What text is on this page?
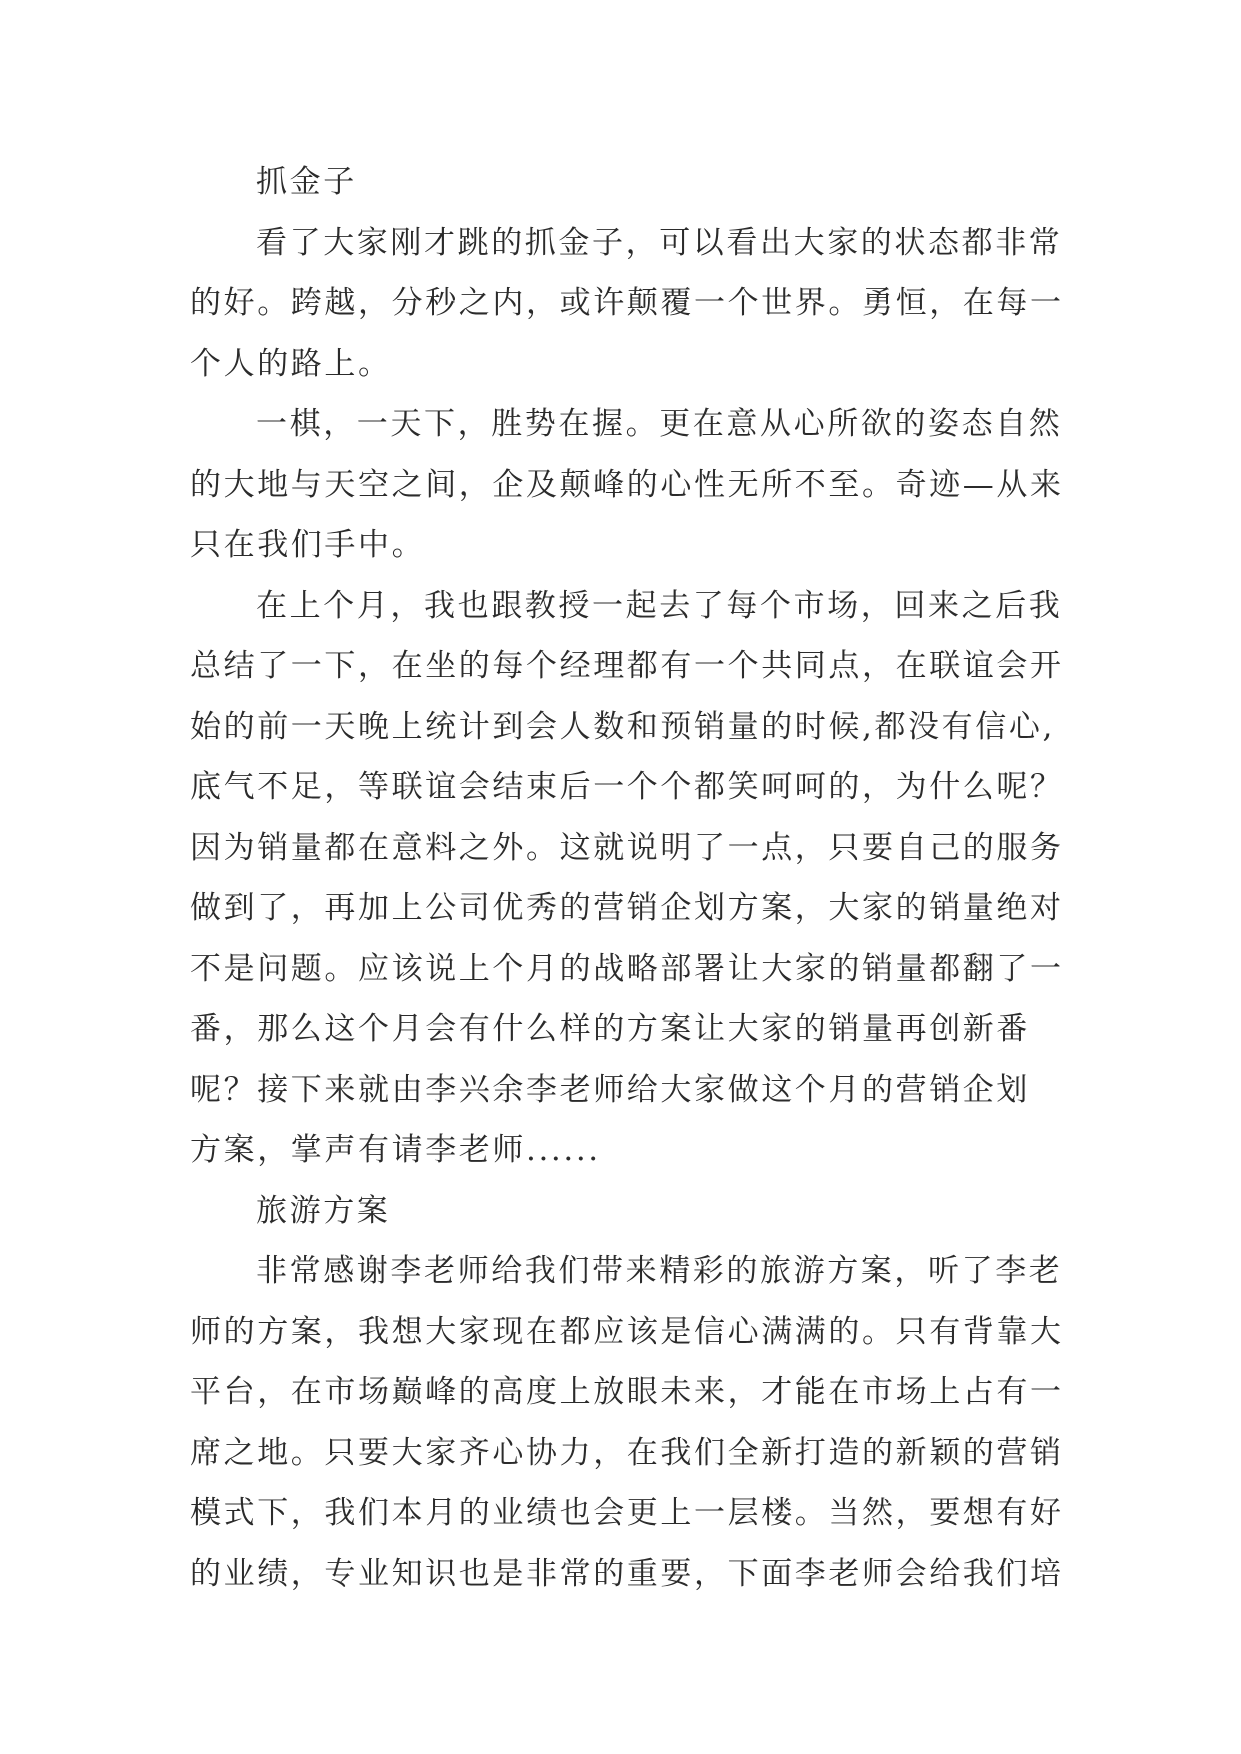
抓金子
看了大家刚才跳的抓金子，可以看出大家的状态都非常
的好。跨越，分秒之内，或许颠覆一个世界。勇恒，在每一
个人的路上。
一棋，一天下，胜势在握。更在意从心所欲的姿态自然
的大地与天空之间，企及颠峰的心性无所不至。奇迹—从来
只在我们手中。
在上个月，我也跟教授一起去了每个市场，回来之后我
总结了一下，在坐的每个经理都有一个共同点，在联谊会开
始的前一天晚上统计到会人数和预销量的时候,都没有信心,
底气不足，等联谊会结束后一个个都笑呵呵的，为什么呢？
因为销量都在意料之外。这就说明了一点，只要自己的服务
做到了，再加上公司优秀的营销企划方案，大家的销量绝对
不是问题。应该说上个月的战略部署让大家的销量都翻了一
番，那么这个月会有什么样的方案让大家的销量再创新番
呢？接下来就由李兴余李老师给大家做这个月的营销企划
方案，掌声有请李老师......
旅游方案
非常感谢李老师给我们带来精彩的旅游方案，听了李老
师的方案，我想大家现在都应该是信心满满的。只有背靠大
平台，在市场巅峰的高度上放眼未来，才能在市场上占有一
席之地。只要大家齐心协力，在我们全新打造的新颖的营销
模式下，我们本月的业绩也会更上一层楼。当然，要想有好
的业绩，专业知识也是非常的重要，下面李老师会给我们培
